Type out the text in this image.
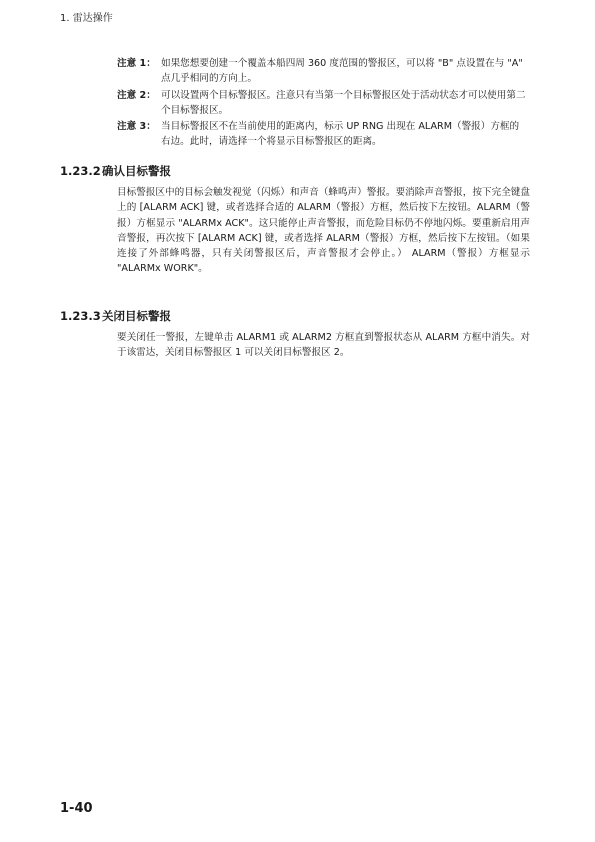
1. 雷达操作
注意 1： 如果您想要创建一个覆盖本船四周 360 度范围的警报区，可以将 "B" 点设置在与 "A" 点几乎相同的方向上。
注意 2： 可以设置两个目标警报区。注意只有当第一个目标警报区处于活动状态才可以使用第二个目标警报区。
注意 3： 当目标警报区不在当前使用的距离内，标示 UP RNG 出现在 ALARM（警报）方框的右边。此时，请选择一个将显示目标警报区的距离。
1.23.2 确认目标警报
目标警报区中的目标会触发视觉（闪烁）和声音（蜂鸣声）警报。要消除声音警报，按下完全键盘上的 [ALARM ACK] 键，或者选择合适的 ALARM（警报）方框，然后按下左按钮。ALARM（警报）方框显示 "ALARMx ACK"。这只能停止声音警报，而危险目标仍不停地闪烁。要重新启用声音警报，再次按下 [ALARM ACK] 键，或者选择 ALARM（警报）方框，然后按下左按钮。（如果连接了外部蜂鸣器，只有关闭警报区后，声音警报才会停止。） ALARM（警报）方框显示 "ALARMx WORK"。
1.23.3 关闭目标警报
要关闭任一警报，左键单击 ALARM1 或 ALARM2 方框直到警报状态从 ALARM 方框中消失。对于该雷达，关闭目标警报区 1 可以关闭目标警报区 2。
1-40
